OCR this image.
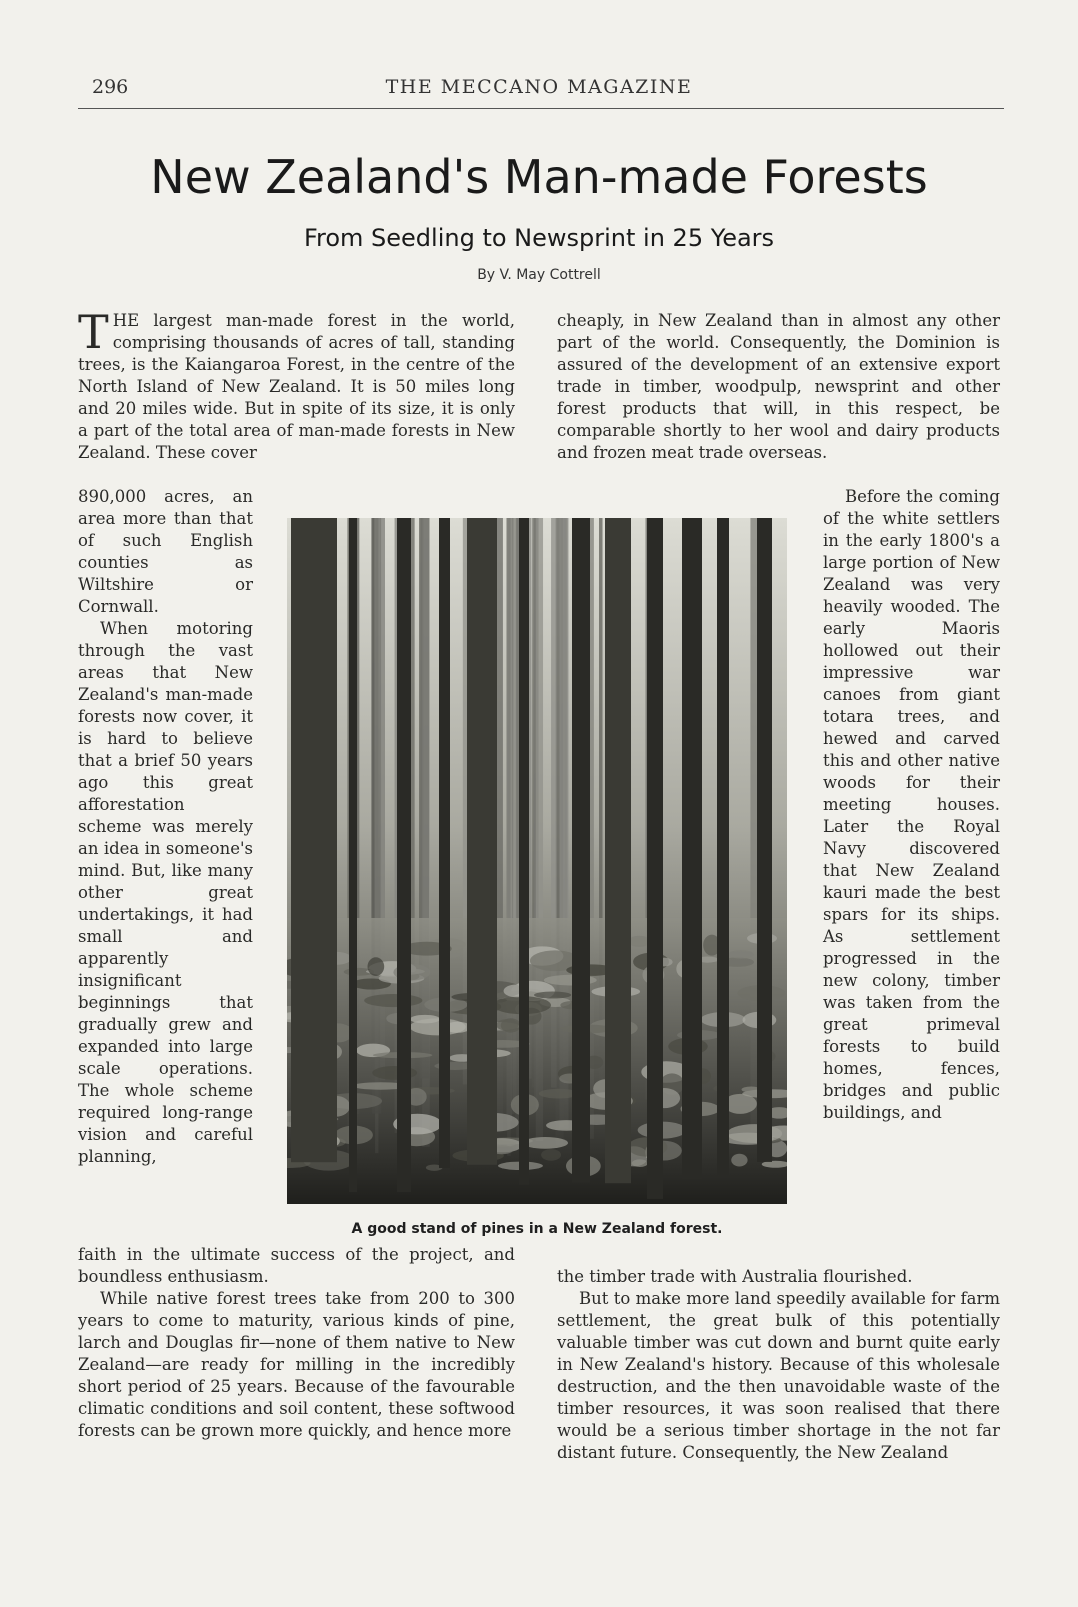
296	THE MECCANO MAGAZINE
New Zealand's Man-made Forests
From Seedling to Newsprint in 25 Years
By V. May Cottrell

THE largest man-made forest in the world, comprising thousands of acres of tall, standing trees, is the Kaiangaroa Forest, in the centre of the North Island of New Zealand. It is 50 miles long and 20 miles wide. But in spite of its size, it is only a part of the total area of man-made forests in New Zealand. These cover

890,000 acres, an area more than that of such English counties as Wiltshire or Cornwall.

When motoring through the vast areas that New Zealand's man-made forests now cover, it is hard to believe that a brief 50 years ago this great afforestation scheme was merely an idea in someone's mind. But, like many other great undertakings, it had small and apparently insignificant beginnings that gradually grew and expanded into large scale operations. The whole scheme required long-range vision and careful planning,

faith in the ultimate success of the project, and boundless enthusiasm.

While native forest trees take from 200 to 300 years to come to maturity, various kinds of pine, larch and Douglas fir—none of them native to New Zealand—are ready for milling in the incredibly short period of 25 years. Because of the favourable climatic conditions and soil content, these softwood forests can be grown more quickly, and hence more

cheaply, in New Zealand than in almost any other part of the world. Consequently, the Dominion is assured of the development of an extensive export trade in timber, woodpulp, newsprint and other forest products that will, in this respect, be comparable shortly to her wool and dairy products and frozen meat trade overseas.

Before the coming of the white settlers in the early 1800's a large portion of New Zealand was very heavily wooded. The early Maoris hollowed out their impressive war canoes from giant totara trees, and hewed and carved this and other native woods for their meeting houses. Later the Royal Navy discovered that New Zealand kauri made the best spars for its ships. As settlement progressed in the new colony, timber was taken from the great primeval forests to build homes, fences, bridges and public buildings, and

the timber trade with Australia flourished.

But to make more land speedily available for farm settlement, the great bulk of this potentially valuable timber was cut down and burnt quite early in New Zealand's history. Because of this wholesale destruction, and the then unavoidable waste of the timber resources, it was soon realised that there would be a serious timber shortage in the not far distant future. Consequently, the New Zealand

A good stand of pines in a New Zealand forest.
